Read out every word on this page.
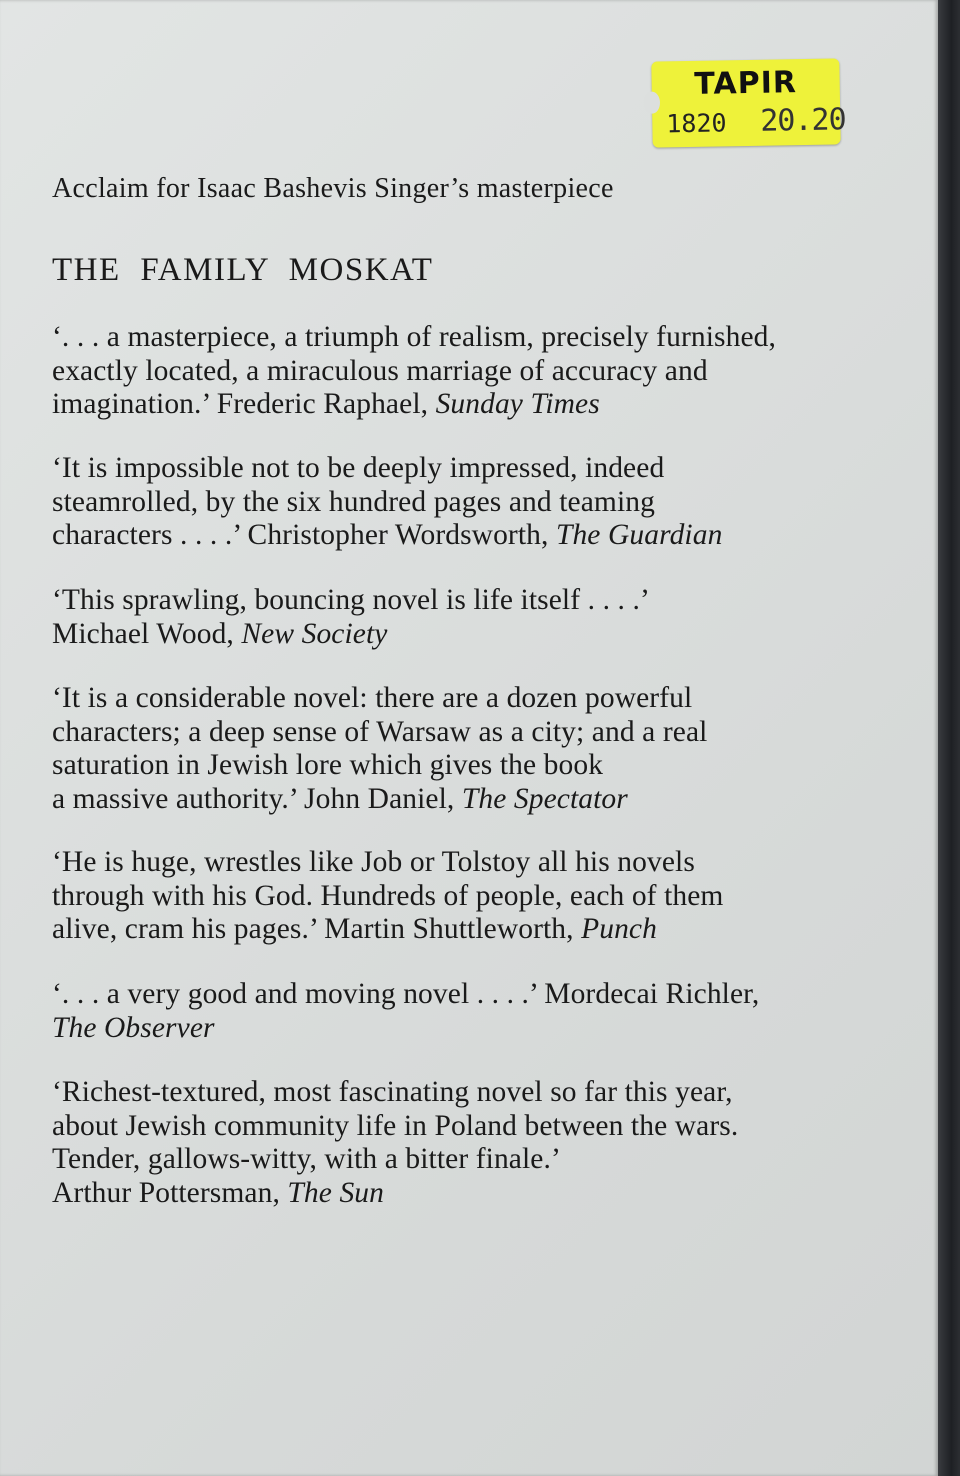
TAPIR
1820 20.20
Acclaim for Isaac Bashevis Singer’s masterpiece
THE FAMILY MOSKAT
‘. . . a masterpiece, a triumph of realism, precisely furnished,
exactly located, a miraculous marriage of accuracy and
imagination.’ Frederic Raphael, Sunday Times
‘It is impossible not to be deeply impressed, indeed
steamrolled, by the six hundred pages and teaming
characters . . . .’ Christopher Wordsworth, The Guardian
‘This sprawling, bouncing novel is life itself . . . .’
Michael Wood, New Society
‘It is a considerable novel: there are a dozen powerful
characters; a deep sense of Warsaw as a city; and a real
saturation in Jewish lore which gives the book
a massive authority.’ John Daniel, The Spectator
‘He is huge, wrestles like Job or Tolstoy all his novels
through with his God. Hundreds of people, each of them
alive, cram his pages.’ Martin Shuttleworth, Punch
‘. . . a very good and moving novel . . . .’ Mordecai Richler,
The Observer
‘Richest-textured, most fascinating novel so far this year,
about Jewish community life in Poland between the wars.
Tender, gallows-witty, with a bitter finale.’
Arthur Pottersman, The Sun
